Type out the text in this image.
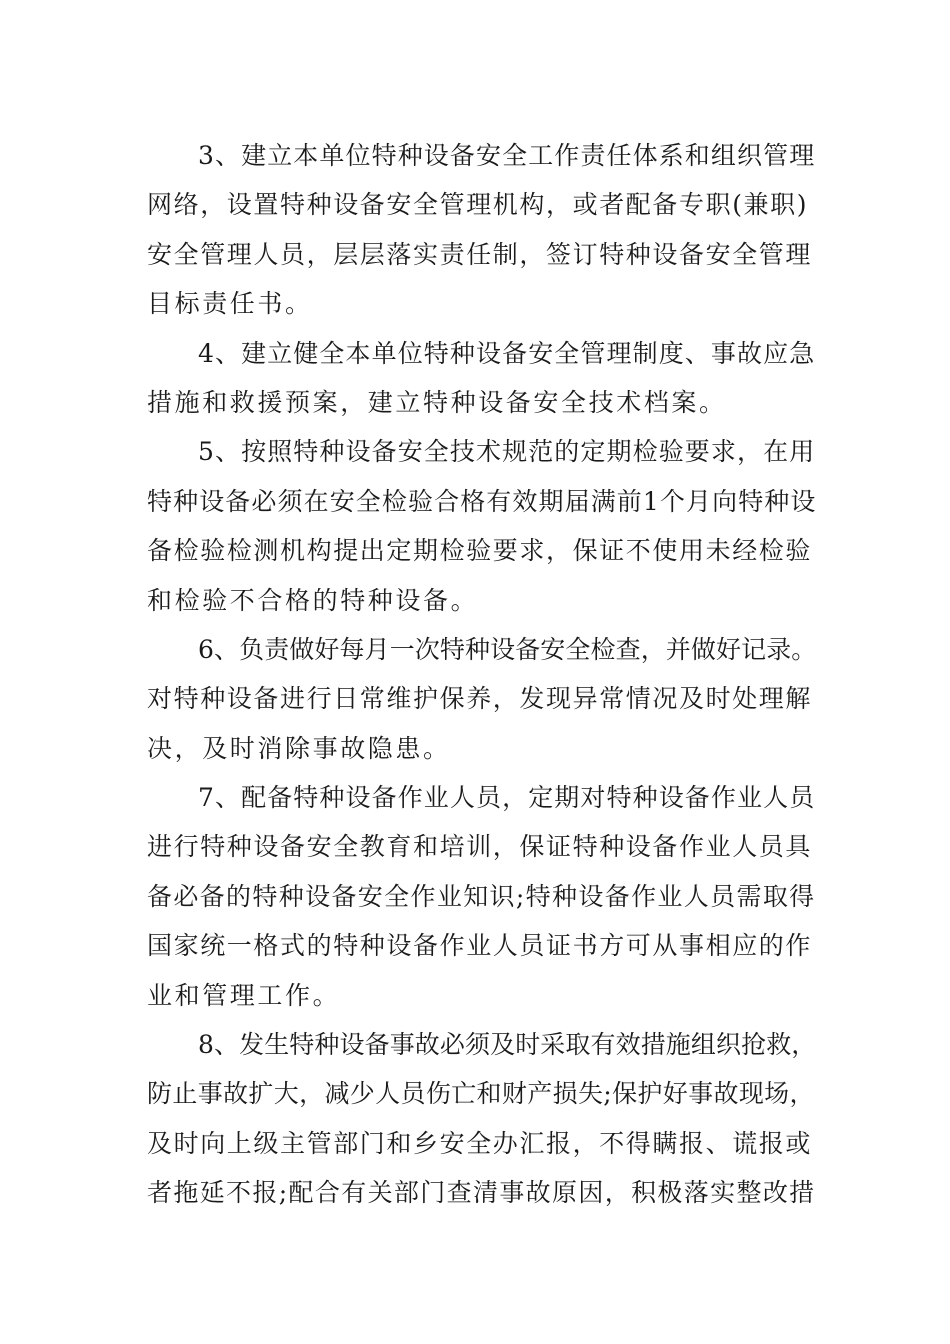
3、建立本单位特种设备安全工作责任体系和组织管理
网络，设置特种设备安全管理机构，或者配备专职(兼职)
安全管理人员，层层落实责任制，签订特种设备安全管理
目标责任书。
4、建立健全本单位特种设备安全管理制度、事故应急
措施和救援预案，建立特种设备安全技术档案。
5、按照特种设备安全技术规范的定期检验要求，在用
特种设备必须在安全检验合格有效期届满前1个月向特种设
备检验检测机构提出定期检验要求，保证不使用未经检验
和检验不合格的特种设备。
6、负责做好每月一次特种设备安全检查，并做好记录。
对特种设备进行日常维护保养，发现异常情况及时处理解
决，及时消除事故隐患。
7、配备特种设备作业人员，定期对特种设备作业人员
进行特种设备安全教育和培训，保证特种设备作业人员具
备必备的特种设备安全作业知识;特种设备作业人员需取得
国家统一格式的特种设备作业人员证书方可从事相应的作
业和管理工作。
8、发生特种设备事故必须及时采取有效措施组织抢救，
防止事故扩大，减少人员伤亡和财产损失;保护好事故现场，
及时向上级主管部门和乡安全办汇报，不得瞒报、谎报或
者拖延不报;配合有关部门查清事故原因，积极落实整改措
